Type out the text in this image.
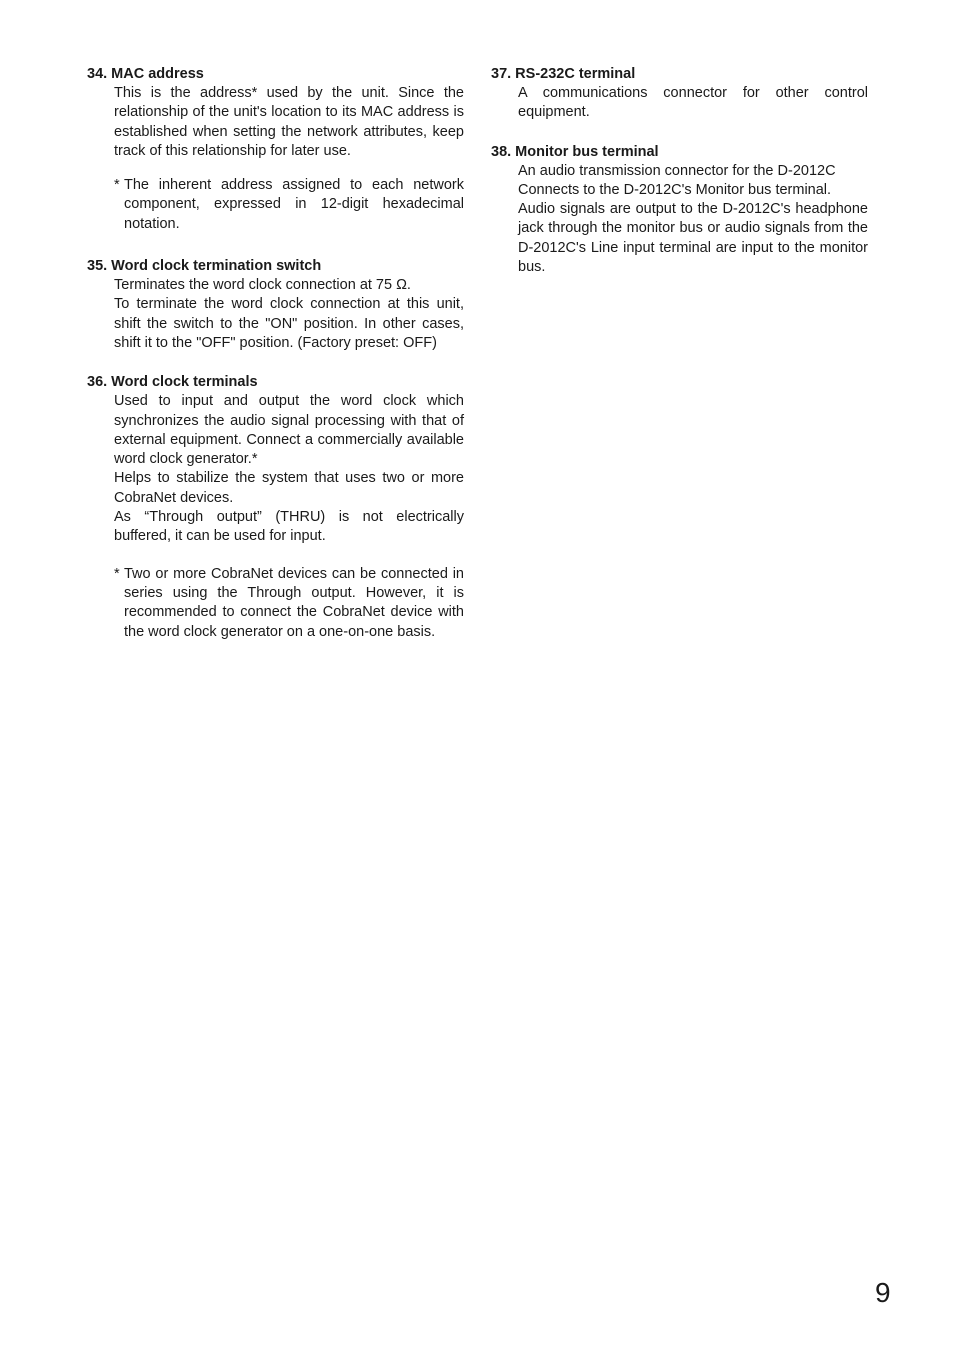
34. MAC address

This is the address* used by the unit. Since the relationship of the unit's location to its MAC address is established when setting the network attributes, keep track of this relationship for later use.

* The inherent address assigned to each network component, expressed in 12-digit hexadecimal notation.

35. Word clock termination switch

Terminates the word clock connection at 75 Ω.

To terminate the word clock connection at this unit, shift the switch to the "ON" position. In other cases, shift it to the "OFF" position. (Factory preset: OFF)

36. Word clock terminals

Used to input and output the word clock which synchronizes the audio signal processing with that of external equipment. Connect a commercially available word clock generator.*

Helps to stabilize the system that uses two or more CobraNet devices.

As “Through output” (THRU) is not electrically buffered, it can be used for input.

* Two or more CobraNet devices can be connected in series using the Through output. However, it is recommended to connect the CobraNet device with the word clock generator on a one-on-one basis.

37. RS-232C terminal

A communications connector for other control equipment.

38. Monitor bus terminal

An audio transmission connector for the D-2012C

Connects to the D-2012C's Monitor bus terminal.

Audio signals are output to the D-2012C's headphone jack through the monitor bus or audio signals from the D-2012C's Line input terminal are input to the monitor bus.

9
